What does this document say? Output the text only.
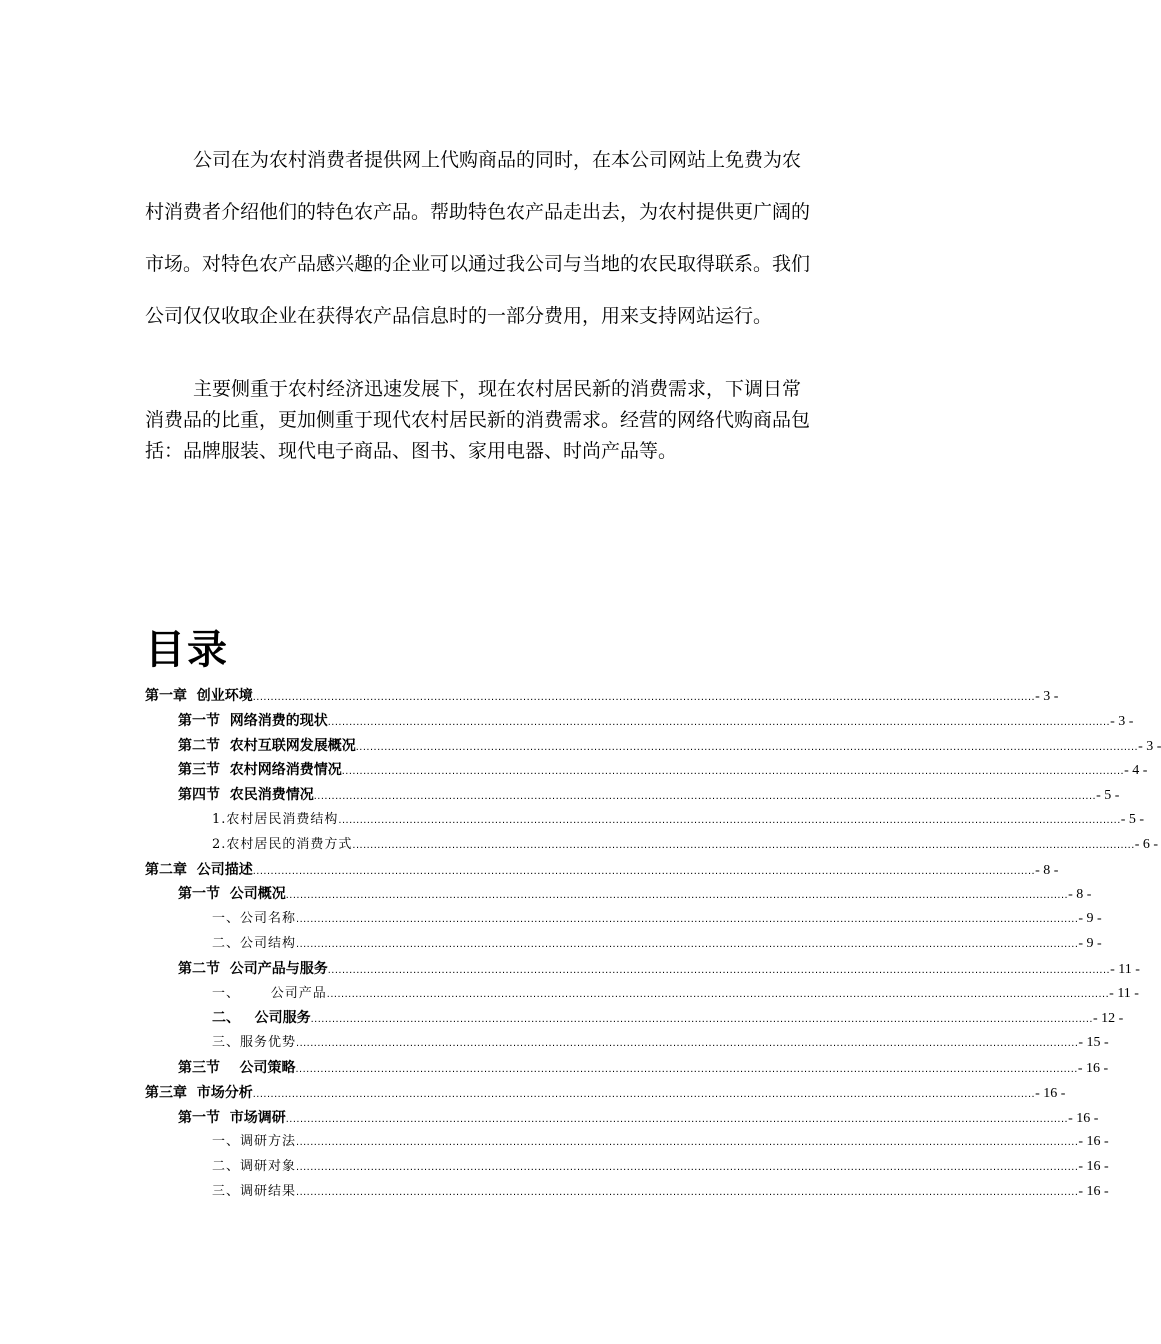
公司在为农村消费者提供网上代购商品的同时，在本公司网站上免费为农村消费者介绍他们的特色农产品。帮助特色农产品走出去，为农村提供更广阔的市场。对特色农产品感兴趣的企业可以通过我公司与当地的农民取得联系。我们公司仅仅收取企业在获得农产品信息时的一部分费用，用来支持网站运行。

主要侧重于农村经济迅速发展下，现在农村居民新的消费需求，下调日常消费品的比重，更加侧重于现代农村居民新的消费需求。经营的网络代购商品包括：品牌服装、现代电子商品、图书、家用电器、时尚产品等。

目录
第一章  创业环境 ............................................................................................................................................................................................................................ - 3 -
第一节  网络消费的现状 ............................................................................................................................................................................................................................ - 3 -
第二节  农村互联网发展概况 ............................................................................................................................................................................................................................ - 3 -
第三节  农村网络消费情况 ............................................................................................................................................................................................................................ - 4 -
第四节  农民消费情况 ............................................................................................................................................................................................................................ - 5 -
1.农村居民消费结构 ............................................................................................................................................................................................................................ - 5 -
2.农村居民的消费方式 ............................................................................................................................................................................................................................ - 6 -
第二章  公司描述 ............................................................................................................................................................................................................................ - 8 -
第一节  公司概况 ............................................................................................................................................................................................................................ - 8 -
一、公司名称 ............................................................................................................................................................................................................................ - 9 -
二、公司结构 ............................................................................................................................................................................................................................ - 9 -
第二节  公司产品与服务 ............................................................................................................................................................................................................................ - 11 -
一、      公司产品 ............................................................................................................................................................................................................................ - 11 -
二、   公司服务 ............................................................................................................................................................................................................................ - 12 -
三、服务优势 ............................................................................................................................................................................................................................ - 15 -
第三节    公司策略 ............................................................................................................................................................................................................................ - 16 -
第三章  市场分析 ............................................................................................................................................................................................................................ - 16 -
第一节  市场调研 ............................................................................................................................................................................................................................ - 16 -
一、调研方法 ............................................................................................................................................................................................................................ - 16 -
二、调研对象 ............................................................................................................................................................................................................................ - 16 -
三、调研结果 ............................................................................................................................................................................................................................ - 16 -
